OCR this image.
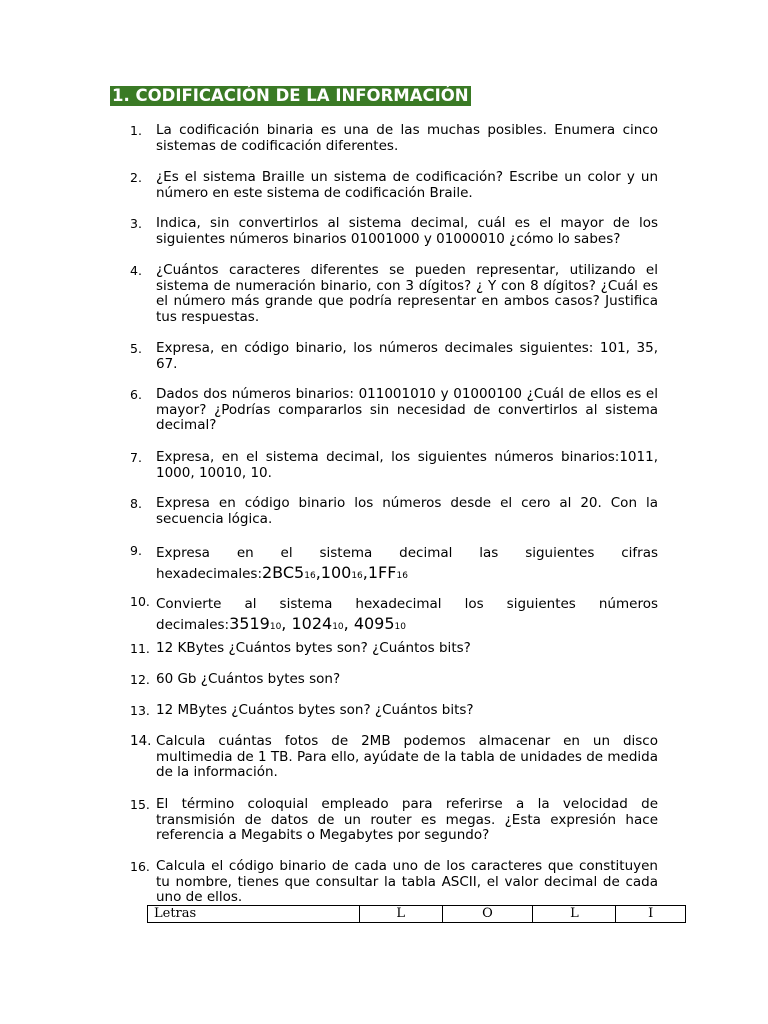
1. CODIFICACIÓN DE LA INFORMACIÓN
1.	La codificación binaria es una de las muchas posibles. Enumera cinco sistemas de codificación diferentes.
2.	¿Es el sistema Braille un sistema de codificación? Escribe un color y un número en este sistema de codificación Braile.
3.	Indica, sin convertirlos al sistema decimal, cuál es el mayor de los siguientes números binarios 01001000 y 01000010 ¿cómo lo sabes?
4.	¿Cuántos caracteres diferentes se pueden representar, utilizando el sistema de numeración binario, con 3 dígitos? ¿ Y con 8 dígitos? ¿Cuál es el número más grande que podría representar en ambos casos? Justifica tus respuestas.
5.	Expresa, en código binario, los números decimales siguientes: 101, 35, 67.
6.	Dados dos números binarios: 011001010 y 01000100 ¿Cuál de ellos es el mayor? ¿Podrías compararlos sin necesidad de convertirlos al sistema decimal?
7.	Expresa, en el sistema decimal, los siguientes números binarios:1011, 1000, 10010, 10.
8.	Expresa en código binario los números desde el cero al 20. Con la secuencia lógica.
9.	Expresa en el sistema decimal las siguientes cifras hexadecimales:2BC516,10016,1FF16
10. Convierte al sistema hexadecimal los siguientes números decimales:351910, 102410, 409510
11. 12 KBytes ¿Cuántos bytes son? ¿Cuántos bits?
12. 60 Gb ¿Cuántos bytes son?
13. 12 MBytes ¿Cuántos bytes son? ¿Cuántos bits?
14. Calcula cuántas fotos de 2MB podemos almacenar en un disco multimedia de 1 TB. Para ello, ayúdate de la tabla de unidades de medida de la información.
15. El término coloquial empleado para referirse a la velocidad de transmisión de datos de un router es megas. ¿Esta expresión hace referencia a Megabits o Megabytes por segundo?
16. Calcula el código binario de cada uno de los caracteres que constituyen tu nombre, tienes que consultar la tabla ASCII, el valor decimal de cada uno de ellos.
Letras	L	O	L	I
